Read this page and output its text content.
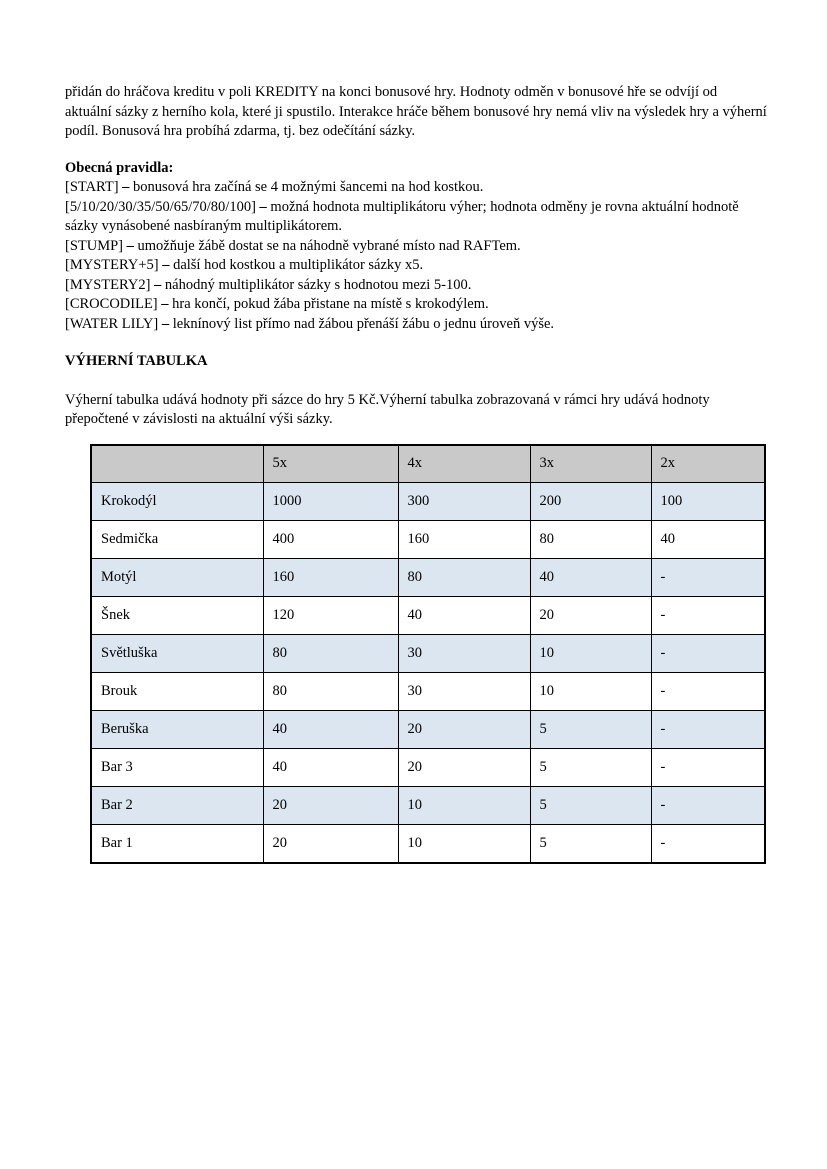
přidán do hráčova kreditu v poli KREDITY na konci bonusové hry. Hodnoty odměn v bonusové hře se odvíjí od aktuální sázky z herního kola, které ji spustilo. Interakce hráče během bonusové hry nemá vliv na výsledek hry a výherní podíl. Bonusová hra probíhá zdarma, tj. bez odečítání sázky.

Obecná pravidla:

[START] – bonusová hra začíná se 4 možnými šancemi na hod kostkou.
[5/10/20/30/35/50/65/70/80/100] – možná hodnota multiplikátoru výher; hodnota odměny je rovna aktuální hodnotě sázky vynásobené nasbíraným multiplikátorem.
[STUMP] – umožňuje žábě dostat se na náhodně vybrané místo nad RAFTem.
[MYSTERY+5] – další hod kostkou a multiplikátor sázky x5.
[MYSTERY2] – náhodný multiplikátor sázky s hodnotou mezi 5-100.
[CROCODILE] – hra končí, pokud žába přistane na místě s krokodýlem.
[WATER LILY] – leknínový list přímo nad žábou přenáší žábu o jednu úroveň výše.

VÝHERNÍ TABULKA

Výherní tabulka udává hodnoty při sázce do hry 5 Kč.Výherní tabulka zobrazovaná v rámci hry udává hodnoty přepočtené v závislosti na aktuální výši sázky.

	5x	4x	3x	2x
Krokodýl	1000	300	200	100
Sedmička	400	160	80	40
Motýl	160	80	40	-
Šnek	120	40	20	-
Světluška	80	30	10	-
Brouk	80	30	10	-
Beruška	40	20	5	-
Bar 3	40	20	5	-
Bar 2	20	10	5	-
Bar 1	20	10	5	-
